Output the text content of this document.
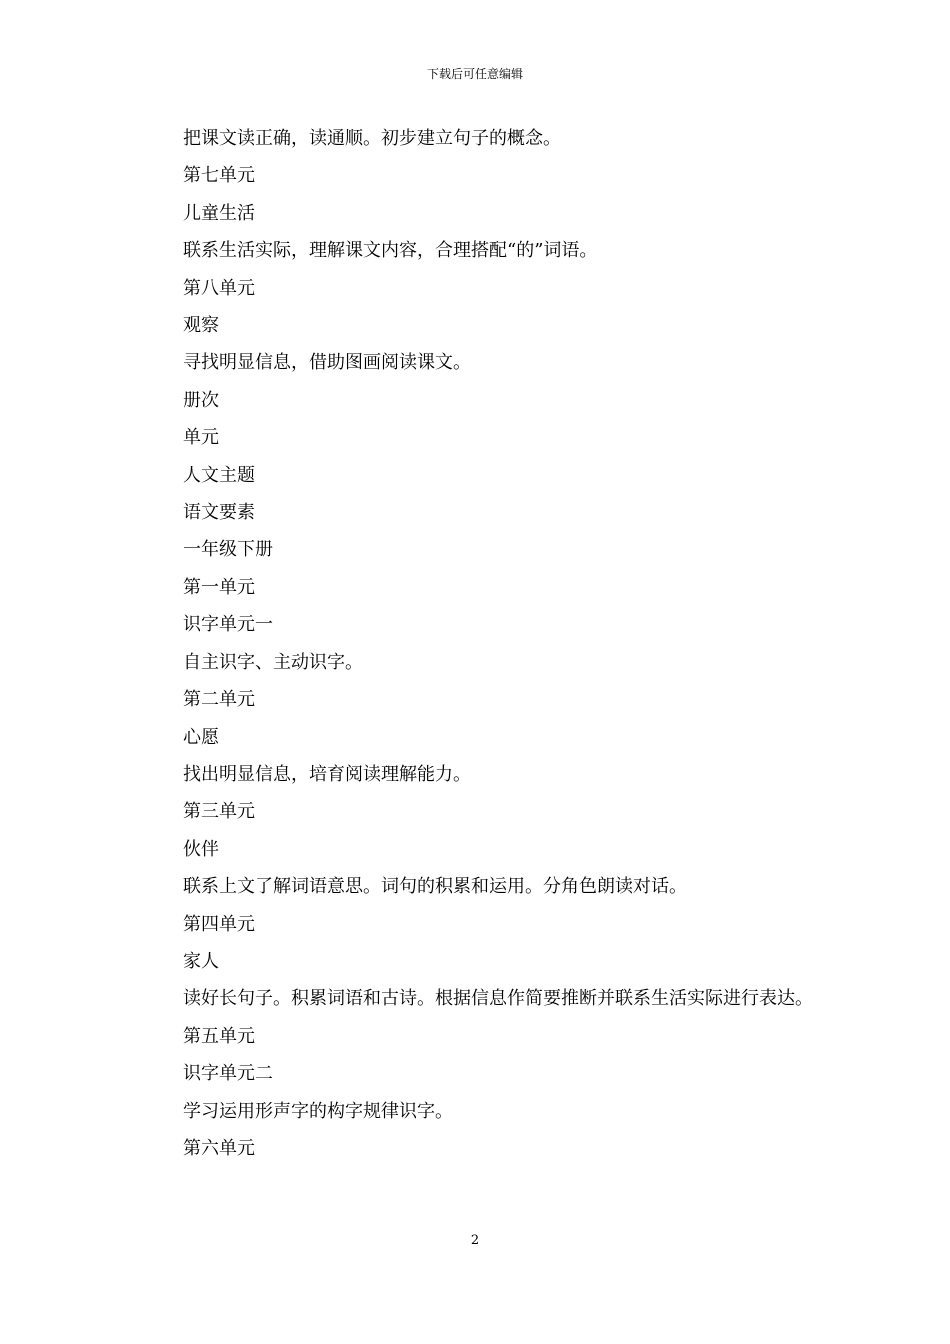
下载后可任意编辑

把课文读正确，读通顺。初步建立句子的概念。

第七单元

儿童生活

联系生活实际，理解课文内容，合理搭配“的”词语。

第八单元

观察

寻找明显信息，借助图画阅读课文。

册次

单元

人文主题

语文要素

一年级下册

第一单元

识字单元一

自主识字、主动识字。

第二单元

心愿

找出明显信息，培育阅读理解能力。

第三单元

伙伴

联系上文了解词语意思。词句的积累和运用。分角色朗读对话。

第四单元

家人

读好长句子。积累词语和古诗。根据信息作简要推断并联系生活实际进行表达。

第五单元

识字单元二

学习运用形声字的构字规律识字。

第六单元

2
